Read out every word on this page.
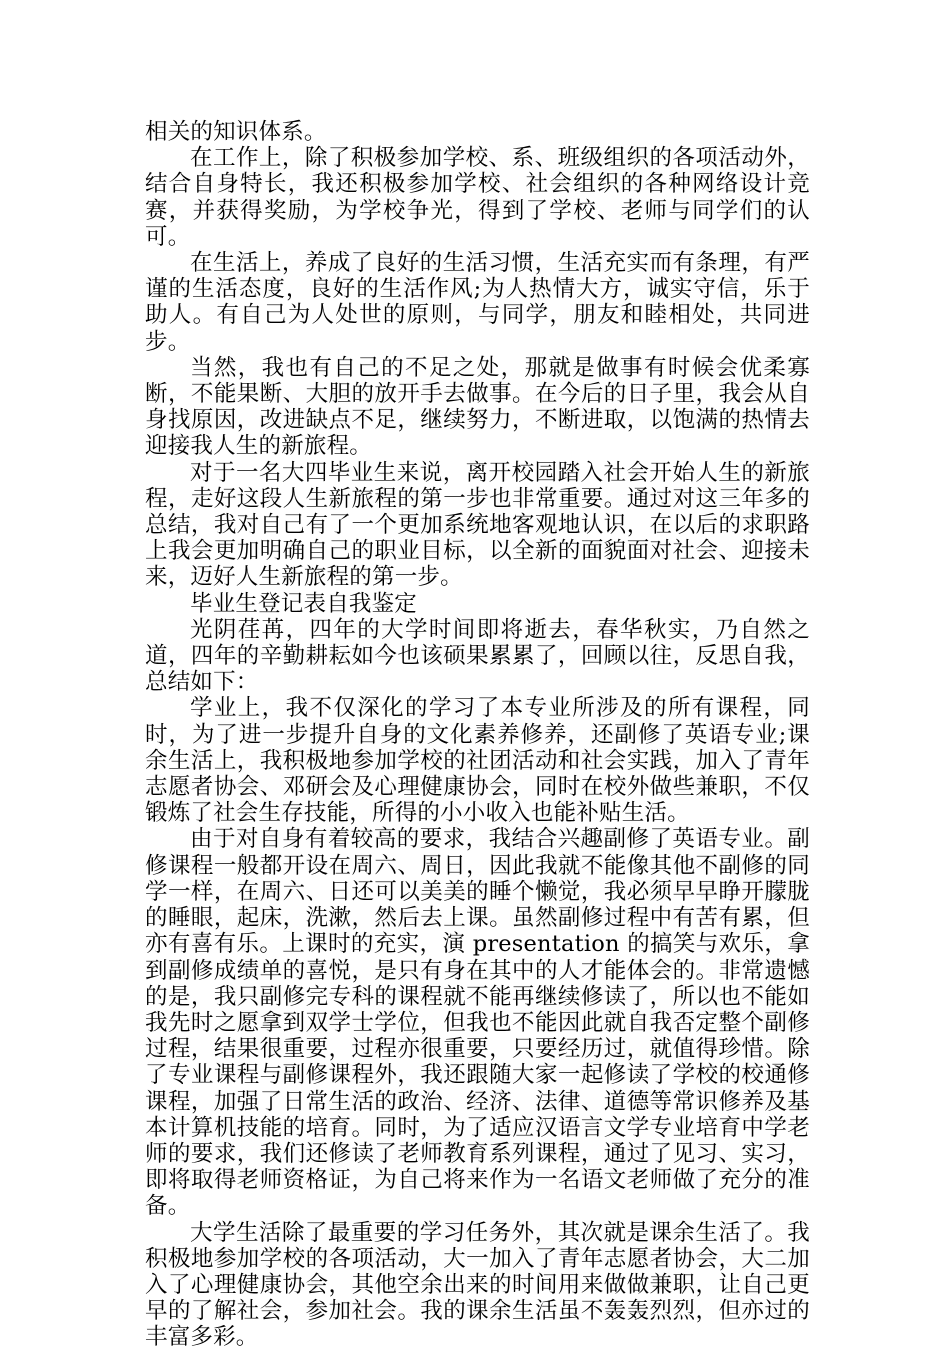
相关的知识体系。

在工作上，除了积极参加学校、系、班级组织的各项活动外，结合自身特长，我还积极参加学校、社会组织的各种网络设计竞赛，并获得奖励，为学校争光，得到了学校、老师与同学们的认可。

在生活上，养成了良好的生活习惯，生活充实而有条理，有严谨的生活态度，良好的生活作风;为人热情大方，诚实守信，乐于助人。有自己为人处世的原则，与同学，朋友和睦相处，共同进步。

当然，我也有自己的不足之处，那就是做事有时候会优柔寡断，不能果断、大胆的放开手去做事。在今后的日子里，我会从自身找原因，改进缺点不足，继续努力，不断进取，以饱满的热情去迎接我人生的新旅程。

对于一名大四毕业生来说，离开校园踏入社会开始人生的新旅程，走好这段人生新旅程的第一步也非常重要。通过对这三年多的总结，我对自己有了一个更加系统地客观地认识，在以后的求职路上我会更加明确自己的职业目标，以全新的面貌面对社会、迎接未来，迈好人生新旅程的第一步。

毕业生登记表自我鉴定

光阴荏苒，四年的大学时间即将逝去，春华秋实，乃自然之道，四年的辛勤耕耘如今也该硕果累累了，回顾以往，反思自我，总结如下：

学业上，我不仅深化的学习了本专业所涉及的所有课程，同时，为了进一步提升自身的文化素养修养，还副修了英语专业;课余生活上，我积极地参加学校的社团活动和社会实践，加入了青年志愿者协会、邓研会及心理健康协会，同时在校外做些兼职，不仅锻炼了社会生存技能，所得的小小收入也能补贴生活。

由于对自身有着较高的要求，我结合兴趣副修了英语专业。副修课程一般都开设在周六、周日，因此我就不能像其他不副修的同学一样，在周六、日还可以美美的睡个懒觉，我必须早早睁开朦胧的睡眼，起床，洗漱，然后去上课。虽然副修过程中有苦有累，但亦有喜有乐。上课时的充实，演 presentation 的搞笑与欢乐，拿到副修成绩单的喜悦，是只有身在其中的人才能体会的。非常遗憾的是，我只副修完专科的课程就不能再继续修读了，所以也不能如我先时之愿拿到双学士学位，但我也不能因此就自我否定整个副修过程，结果很重要，过程亦很重要，只要经历过，就值得珍惜。除了专业课程与副修课程外，我还跟随大家一起修读了学校的校通修课程，加强了日常生活的政治、经济、法律、道德等常识修养及基本计算机技能的培育。同时，为了适应汉语言文学专业培育中学老师的要求，我们还修读了老师教育系列课程，通过了见习、实习，即将取得老师资格证，为自己将来作为一名语文老师做了充分的准备。

大学生活除了最重要的学习任务外，其次就是课余生活了。我积极地参加学校的各项活动，大一加入了青年志愿者协会，大二加入了心理健康协会，其他空余出来的时间用来做做兼职，让自己更早的了解社会，参加社会。我的课余生活虽不轰轰烈烈，但亦过的丰富多彩。
